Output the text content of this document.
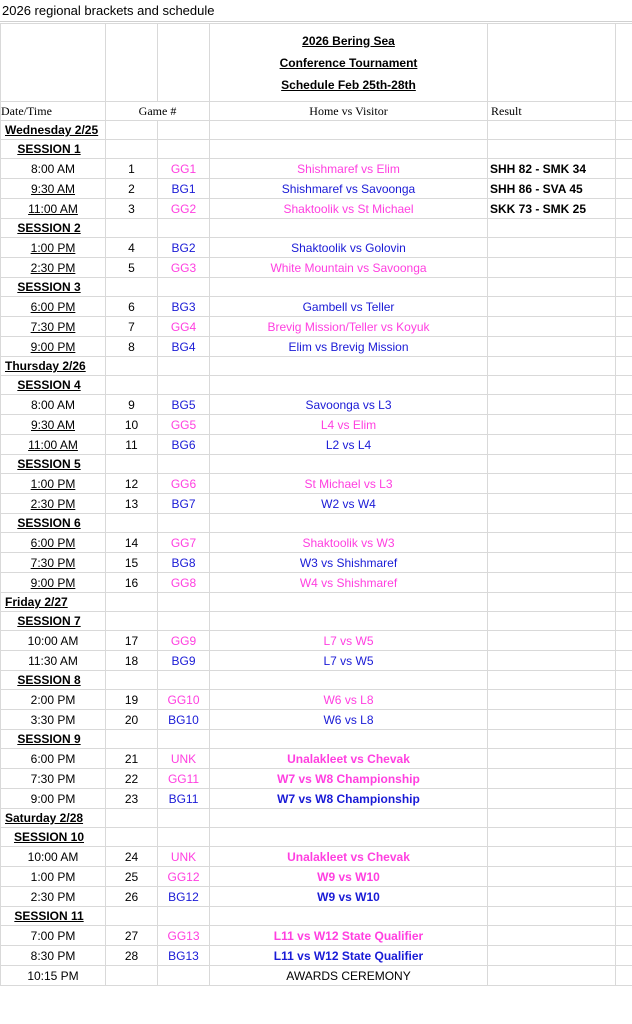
2026 regional brackets and schedule

			2026 Bering Sea
Conference Tournament
Schedule Feb 25th-28th		

Date/Time	Game #		Home vs Visitor	Result	
Wednesday 2/25					
SESSION 1					
8:00 AM	1	GG1	Shishmaref vs Elim	SHH 82 - SMK 34	
9:30 AM	2	BG1	Shishmaref vs Savoonga	SHH 86 - SVA 45	
11:00 AM	3	GG2	Shaktoolik vs St Michael	SKK 73 - SMK 25	
SESSION 2					
1:00 PM	4	BG2	Shaktoolik vs Golovin		
2:30 PM	5	GG3	White Mountain vs Savoonga		
SESSION 3					
6:00 PM	6	BG3	Gambell vs Teller		
7:30 PM	7	GG4	Brevig Mission/Teller vs Koyuk		
9:00 PM	8	BG4	Elim vs Brevig Mission		
Thursday 2/26					
SESSION 4					
8:00 AM	9	BG5	Savoonga vs L3		
9:30 AM	10	GG5	L4 vs Elim		
11:00 AM	11	BG6	L2 vs L4		
SESSION 5					
1:00 PM	12	GG6	St Michael vs L3		
2:30 PM	13	BG7	W2 vs W4		
SESSION 6					
6:00 PM	14	GG7	Shaktoolik vs W3		
7:30 PM	15	BG8	W3 vs Shishmaref		
9:00 PM	16	GG8	W4 vs Shishmaref		
Friday 2/27					
SESSION 7					
10:00 AM	17	GG9	L7 vs W5		
11:30 AM	18	BG9	L7 vs W5		
SESSION 8					
2:00 PM	19	GG10	W6 vs L8		
3:30 PM	20	BG10	W6 vs L8		
SESSION 9					
6:00 PM	21	UNK	Unalakleet vs Chevak		
7:30 PM	22	GG11	W7 vs W8 Championship		
9:00 PM	23	BG11	W7 vs W8 Championship		
Saturday 2/28					
SESSION 10					
10:00 AM	24	UNK	Unalakleet vs Chevak		
1:00 PM	25	GG12	W9 vs W10		
2:30 PM	26	BG12	W9 vs W10		
SESSION 11					
7:00 PM	27	GG13	L11 vs W12 State Qualifier		
8:30 PM	28	BG13	L11 vs W12 State Qualifier		
10:15 PM			AWARDS CEREMONY		
